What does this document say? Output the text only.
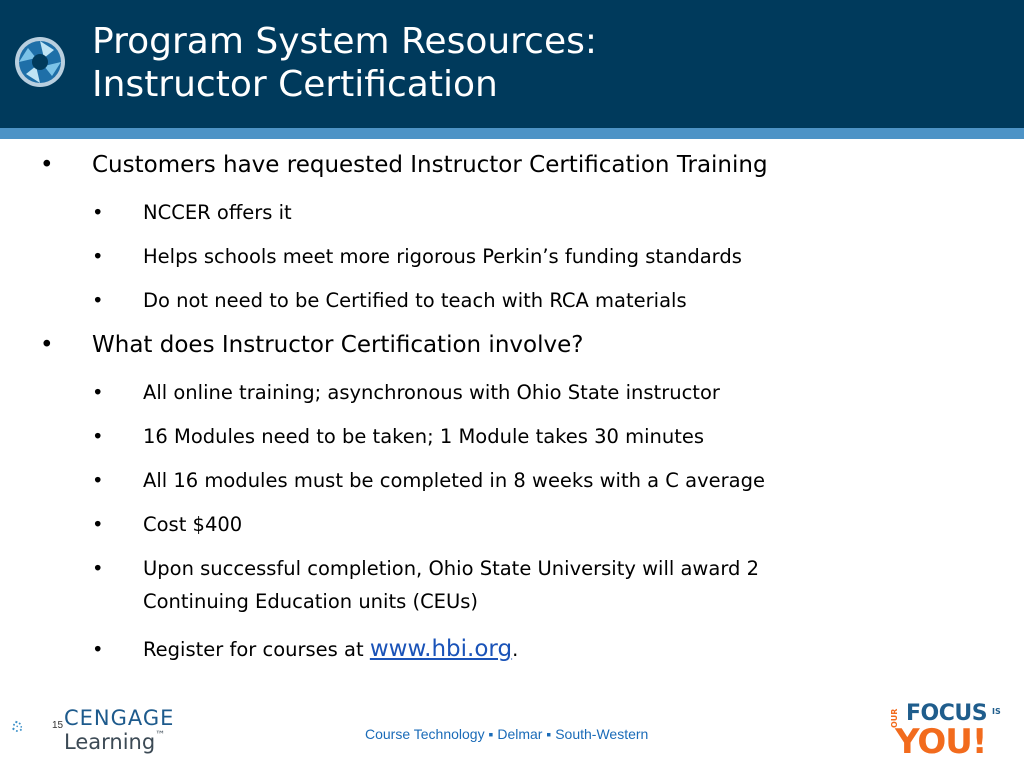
Program System Resources:
Instructor Certification
• Customers have requested Instructor Certification Training
• NCCER offers it
• Helps schools meet more rigorous Perkin’s funding standards
• Do not need to be Certified to teach with RCA materials
• What does Instructor Certification involve?
• All online training; asynchronous with Ohio State instructor
• 16 Modules need to be taken; 1 Module takes 30 minutes
• All 16 modules must be completed in 8 weeks with a C average
• Cost $400
• Upon successful completion, Ohio State University will award 2
Continuing Education units (CEUs)
• Register for courses at www.hbi.org.
CENGAGE
Learning™
15
Course Technology ▪ Delmar ▪ South-Western
OUR FOCUS IS
YOU!
